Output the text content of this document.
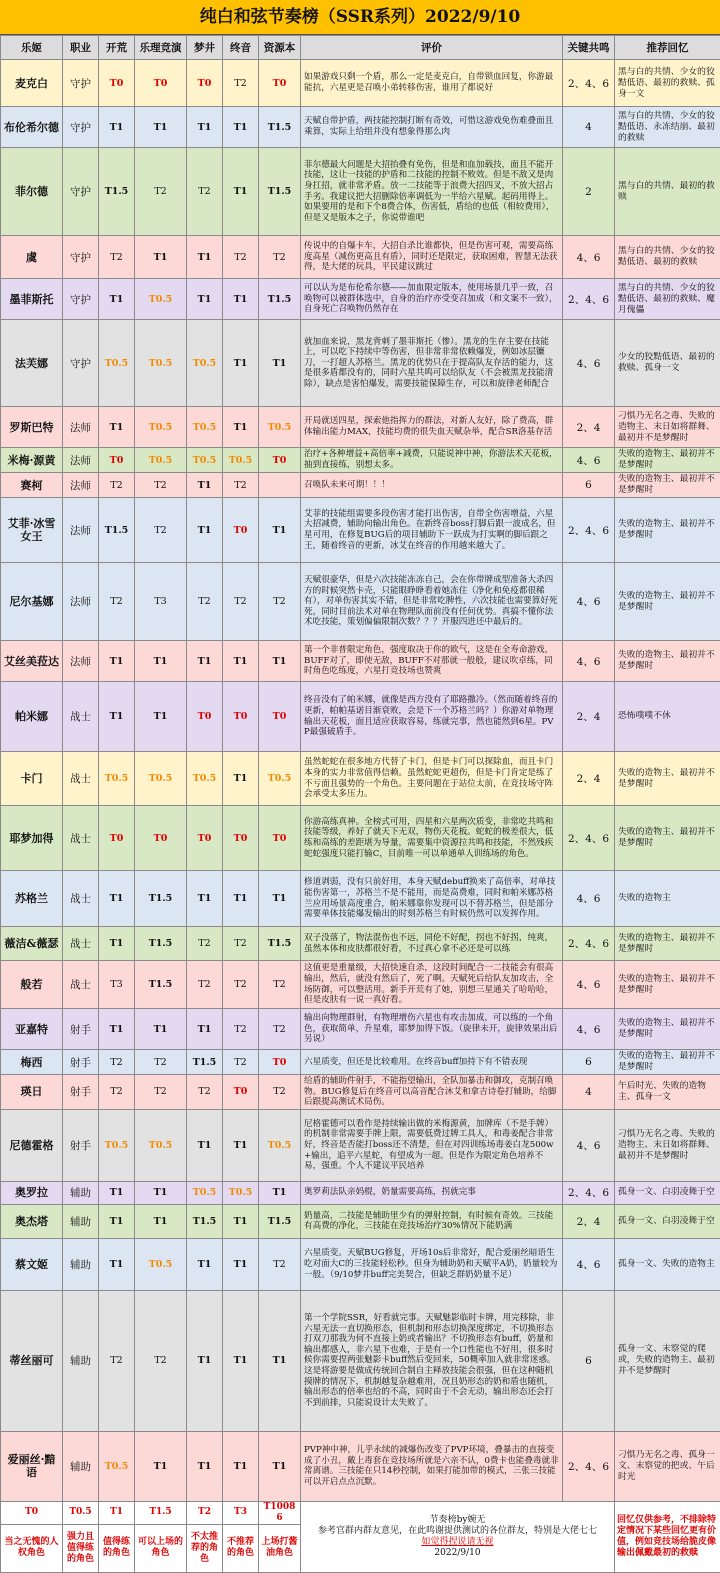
纯白和弦节奏榜（SSR系列）2022/9/10
乐姬	职业	开荒	乐理竞演	梦井	终音	资源本	评价	关键共鸣	推荐回忆
麦克白	守护	T0	T0	T0	T2	T0	如果游戏只剩一个盾，那么一定是麦克白，自带锁血回复，你游最能抗，六星更是召唤小弟转移伤害，谁用了都说好	2、4、6	黑与白的共情、少女的狡黠低语、最初的救赎、孤身一文
布伦希尔德	守护	T1	T1	T1	T1	T1.5	天赋自带护盾，两技能控制打断有奇效，可惜这游戏免伤难叠面且乘算，实际上给组并没有想象得那么肉	4	黑与白的共情、少女的狡黠低语、永冻结崩、最初的救赎
菲尔德	守护	T1.5	T2	T2	T1	T1.5	菲尔德最大问题是大招抬叠有免伤，但是和血加载技，面且不能开技能，这让一技能的护盾和二技能的控制不败效。但是不敌又是肉身扛招，就非常矛盾。放一二技能等于浪费大招四叉，不放大招占手劣。我建议把大招删除倍率调低为一半给六星赋。起码用得上。如果要用的是和下个8费合体，伤害低，盾给的也低（相较费用），但是又是版本之子，你说带谁吧	2	黑与白的共情、最初的救赎
虞	守护	T2	T1	T1	T2	T2	传说中的自爆卡车，大招自杀比谁都快，但是伤害可观，需要高练度高星（减伤更高且有盾），同时还是限定，获取困难，智慧无法获得，是大佬的玩具，平民建议跳过	4、6	黑与白的共情、少女的狡黠低语、最初的救赎
墨菲斯托	守护	T1	T0.5	T1	T1	T1.5	可以认为是布伦希尔德——加血限定版本，使用场景几乎一致，召唤物可以被群体选中，自身的治疗亦受变召加成（和文案不一致），自身死亡召唤物仍然存在	2、4、6	黑与白的共情、少女的狡黠低语、最初的救赎、魔月傀儡
法芙娜	守护	T0.5	T0.5	T0.5	T1	T1	就加血来说，黑龙背刺了墨菲斯托（惨）。黑龙的生存主要在技能上，可以吃下持续中等伤害，但非常非常依赖爆发，例如冰层镰刀，一打超人苏格兰。黑龙的优势只在于提高队友存活的能力，这是很多盾都没有的，同时六星共鸣可以给队友（不会被黑龙技能清除），缺点是害怕爆发，需要技能保障生存，可以和旋律老师配合	4、6	少女的狡黠低语、最初的救赎、孤身一文
罗斯巴特	法师	T1	T0.5	T0.5	T1	T0.5	开局就送四星，探索他指挥力的群法，对新人友好，除了费高，群体输出能力MAX，技能均费的很失血天赋杂举，配合SR洛基存活	2、4	刁惧乃无名之毒、失败的造物主、末日如将群舞、最初并不是梦醒时
米梅·源黄	法师	T0	T0.5	T0.5	T0.5	T0	治疗+各种增益+高倍率+减费，只能说神中神，你游法术天花板，抽到直接练，别想太多。	4、6	失败的造物主、最初并不是梦醒时
赛柯	法师	T2	T2	T1	T2		召唤队未来可期！！！	6	失败的造物主、最初并不是梦醒时
艾菲·冰雪女王	法师	T1.5	T2	T1	T0	T1	艾菲的技能组需要多段伤害才能打出伤害，自带全伤害增益，六星大招减费，辅助向输出角色。在新终音boss打脚后跟一波成名，但星可用，在修复BUG后的项目辅助下一跃成为打实啊的脚后跟之王，随着终音的更新，冰艾在终音的作用越来越大了。	2、4、6	失败的造物主、最初并不是梦醒时
尼尔基娜	法师	T2	T3	T2	T2	T2	天赋很豪华，但是六次技能冻冻自己，会在你带牌成型准备大杀四方的时候突然卡壳，只能眼睁睁看着她冻住（净化和免疫都很稀有），对单伤害其实不错，但是非常吃脾性，六次技能也需要算好死死，同时目前法术对单在物理队面前没有任何优势。真搞不懂你法术吃技能，策划偏偏限制次数？？？开服四进还中最后的。	4、6	失败的造物主、最初并不是梦醒时
艾丝美菈达	法师	T1	T1	T1	T1	T1	第一个非普限定角色，强度取决于你的欧气，这是在全寿命游戏，BUFF对了，即使无敌，BUFF不对那就一般般，建议吹卓练，同时角色吃练度，六星打竞技场也赞爽	4、6	失败的造物主、最初并不是梦醒时
帕米娜	战士	T1	T1	T0	T0	T0	终音没有了帕米娜，就像是西方没有了耶路撒冷。（然而随着终音的更新，帕帕基诺目渐衰败，会是下一个苏格兰吗？）你游对单物理输出天花板，面且适应获取容易，练就完事，然也能然到6星。PVP最强破盾手。	2、4	恐怖噗噗不休
卡门	战士	T0.5	T0.5	T0.5	T1	T0.5	虽然蛇蛇在很多地方代替了卡门，但是卡门可以探除血，而且卡门本身的实力非常值得信赖。虽然蛇蛇更超伤，但是卡门肯定是练了不亏面且强势的一个角色。主要问题在于站位太前，在竞技场守阵会承受太多压力。	2、4	失败的造物主、最初并不是梦醒时
耶梦加得	战士	T0	T0	T0	T0	T0	你游高练真神。全榜式可用，四星和六星两次质变，非常吃共鸣和技能等级，养好了就天下无双，物伤天花板。蛇蛇的极差很大，低练和高练的差距堪为导量，需要集中资源拉共鸣和技能，不然残疾蛇蛇强度只能打输C，目前唯一可以单通单人训练场的角色。	2、4、6	失败的造物主、最初并不是梦醒时
苏格兰	战士	T1	T1.5	T1	T1	T1	修道剥弱，没有只前好用，本身天赋debuff换来了高倍率，对单技能伤害第一，苏格兰不是不能用，而是高费难，同时和帕米娜苏格兰应用场景高度重合，帕米娜靠你发现可以不替苏格兰，但是部分需要单体技能爆发输出的时刻苏格兰有时候仍然可以发挥作用。	4、6	失败的造物主
薇洁&薇瑟	战士	T1	T1.5	T2	T2	T1.5	双子没落了，物法混伤也不远，同伦不好配，拐也不好拐，纯爽，虽然本体和皮肤都很好看，不过真心拿不必还是可以练	2、4、6	失败的造物主、最初并不是梦醒时
般若	战士	T3	T1.5	T2	T2	T2	这值更是重量级，大招快速自杀，这段时间配合一二技能会有很高输出，然后，就没有然后了，死了啊。天赋死后给队友加攻击，全场防御，可以整活用。新手开荒有了她，别想三星通关了哈哈哈，但是皮肤有一说一真好看。	4、6	失败的造物主、最初并不是梦醒时
亚嘉特	射手	T1	T1	T1	T2	T2	输出向物理群射，有物理增伤六星也有攻击加成，可以练的一个角色，获取简单，升星难，耶梦加得下饭。（旋律未开，旋律效果出后另说）	4、6	失败的造物主、最初并不是梦醒时
梅西	射手	T2	T2	T1.5	T2	T0	六星质变，但还是比较难用。在终音buff加持下有不错表现	6	失败的造物主、最初并不是梦醒时
瑛日	射手	T2	T2	T2	T0	T2	给盾的辅助件射手，不能指望输出，全队加暴击和御攻，克制召唤物。BUG修复后在终音可以高音配合沐艾和拿吉诗卷打辅助，给脚后跟提高测试术局伤。	4	午后时光、失败的造物主、孤身一文
尼德霍格	射手	T0.5	T0.5	T1	T1	T0.5	尼格霍德可以看作是持续输出做的米梅源黄，加牌库（不是手牌）的机制非常需要手牌上限，需要低费过牌工具人，和毒姜配合非常好，终音是否能打boss还不清楚，但在对四训练场毒姜白龙500w+输出，追平六星蛇，有望成为一超。但是作为限定角色培养不易，强重。个人不建议平民培养	4、6	刁惧乃无名之毒、失败的造物主、末日如将群舞、最初并不是梦醒时
奥罗拉	辅助	T1	T1	T0.5	T0.5	T1	奥罗莉法队亲妈棍，奶量需要高练，拐就完事	2、4、6	孤身一文、白羽凌舞于空
奥杰塔	辅助	T1	T1	T1.5	T1	T1.5	奶量高，二技能是辅助里少有的弹射控制，有时候有奇效。三技能有高费的净化，三技能在竞技场治疗30%情况下能奶满	2、4	孤身一文、白羽凌舞于空
蔡文姬	辅助	T1	T0.5	T1	T1	T2	六星质变。天赋BUG修复，开场10s后非常好，配合爱丽丝暗语生吃对面大C的三技能轻松秒。但身为辅助奶和天赋平A奶，奶量较为一般。（9/10梦井buff完美契合，但缺乏群奶奶量不足）	4、6	孤身一文、失败的造物主
蒂丝丽可	辅助	T2	T2	T1	T1	T1	第一个学院SSR，好看就完事。天赋魅影临时卡牌，用完移除，非六星无法一直切换形态，但机制和形态切换深度绑定，不切换形态打双刀那我为何不直接上奶或者输出？不切换形态有buff，奶量和输出都感人，非六星下也难，于是有一个口性能也不好用，很多时候你需要捏两张魅影卡buff然后变回来，50概率加入就非常迷惑。这是将游要是做成传统回合制自主释放技能会很强，但在这种随机摸牌的情况下，机制越复杂越难用，况且奶形态的奶和盾也随机，输出形态的倍率也给的不高，同时由于不会无动，输出形态还会打不到前排，只能说设计太失败了。	6	孤身一文、末察觉的爬或，失败的造物主、最初并不是梦醒时
爱丽丝·黯语	辅助	T0.5	T1	T1	T1	T1	PVP神中神，儿乎永续的减爆伤改变了PVP环境，叠暴击的直接变成了小丑，戴上毒套在竞技场所就是六亲不认，0费卡也能叠毒就非常离谱。三技能在只14秒控制，如果打能加带的模式，三张三技能可以开启点点沉默。	2、4、6	刁惧乃无名之毒、孤身一文、末察觉的把或、午后时光
T0	T0.5	T1	T1.5	T2	T3	T10086	节奏榜by婉无
参考官群内群友意见，在此鸣谢提供测试的各位群友，特别是大佬七七
如觉得捏说请无视
2022/9/10		回忆仅供参考，不排除特定情况下某些回忆更有价值，例如竞技场给脆皮像输出佩戴最初的救赎
当之无愧的人权角色	强力且值得练的角色	值得练的角色	可以上场的角色	不太推荐的角色	不推荐的角色	上场打酱油角色			
